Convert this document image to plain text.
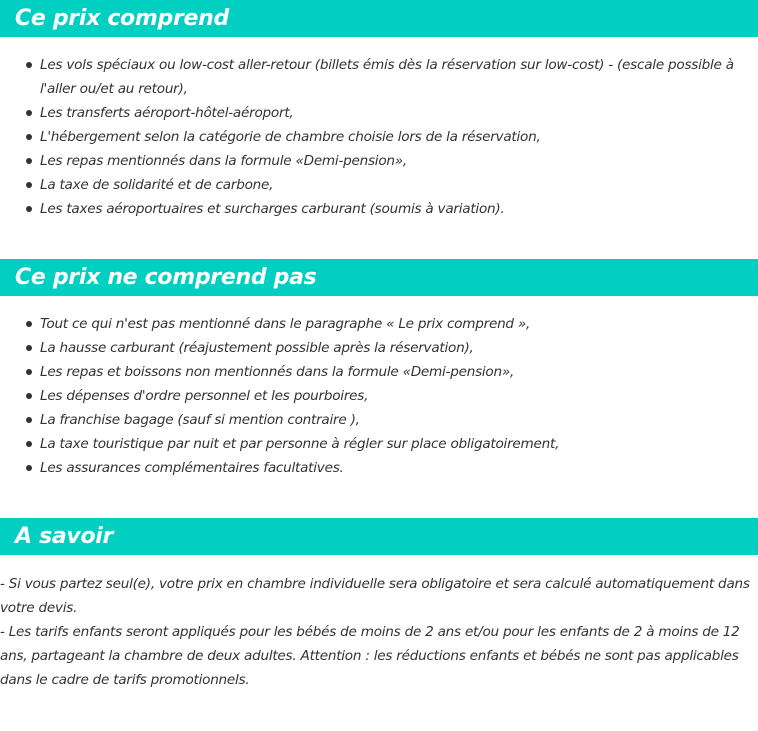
Ce prix comprend
Les vols spéciaux ou low-cost aller-retour (billets émis dès la réservation sur low-cost) - (escale possible à l'aller ou/et au retour),
Les transferts aéroport-hôtel-aéroport,
L'hébergement selon la catégorie de chambre choisie lors de la réservation,
Les repas mentionnés dans la formule «Demi-pension»,
La taxe de solidarité et de carbone,
Les taxes aéroportuaires et surcharges carburant (soumis à variation).
Ce prix ne comprend pas
Tout ce qui n'est pas mentionné dans le paragraphe « Le prix comprend »,
La hausse carburant (réajustement possible après la réservation),
Les repas et boissons non mentionnés dans la formule «Demi-pension»,
Les dépenses d'ordre personnel et les pourboires,
La franchise bagage (sauf si mention contraire ),
La taxe touristique par nuit et par personne à régler sur place obligatoirement,
Les assurances complémentaires facultatives.
A savoir

- Si vous partez seul(e), votre prix en chambre individuelle sera obligatoire et sera calculé automatiquement dans votre devis.

- Les tarifs enfants seront appliqués pour les bébés de moins de 2 ans et/ou pour les enfants de 2 à moins de 12 ans, partageant la chambre de deux adultes. Attention : les réductions enfants et bébés ne sont pas applicables dans le cadre de tarifs promotionnels.
